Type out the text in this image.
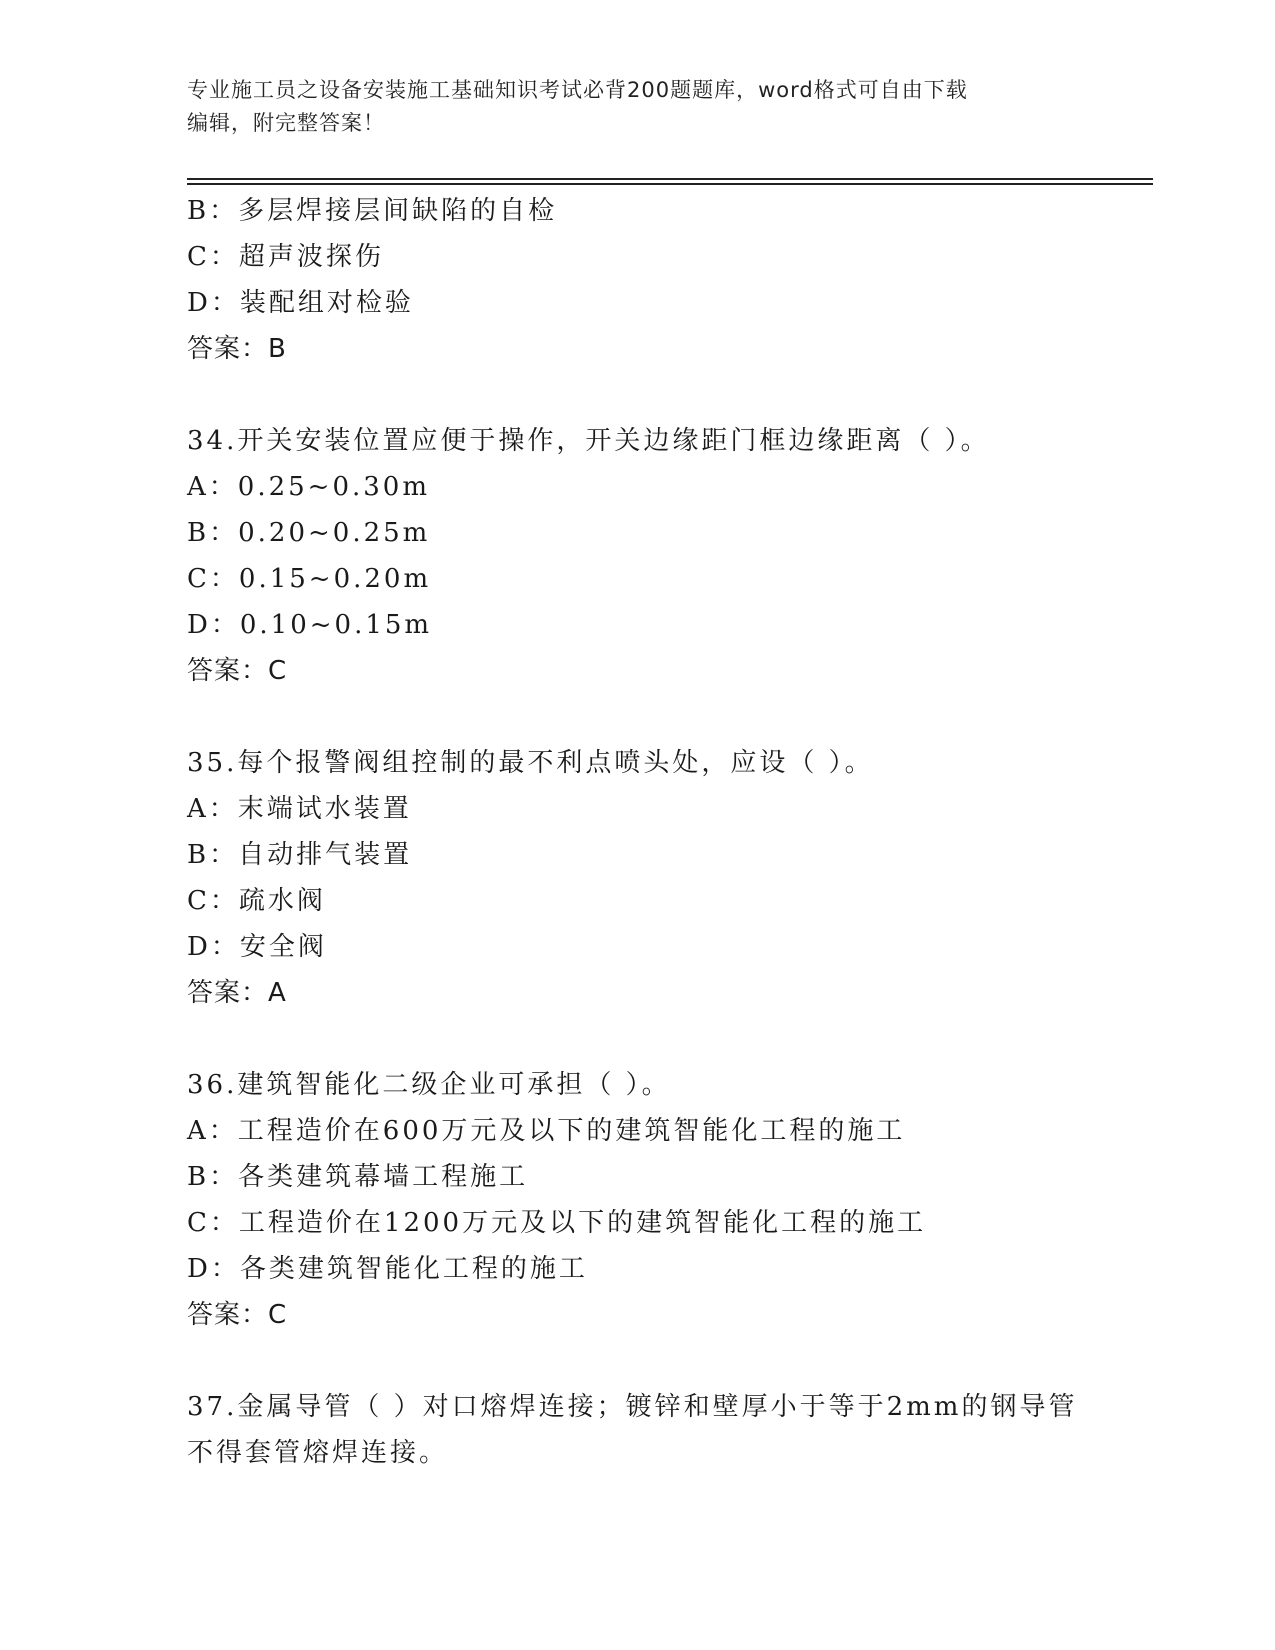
专业施工员之设备安装施工基础知识考试必背200题题库，word格式可自由下载
编辑，附完整答案！
B：多层焊接层间缺陷的自检
C：超声波探伤
D：装配组对检验
答案：B
34.开关安装位置应便于操作，开关边缘距门框边缘距离（ ）。
A：0.25~0.30m
B：0.20~0.25m
C：0.15~0.20m
D：0.10~0.15m
答案：C
35.每个报警阀组控制的最不利点喷头处，应设（ ）。
A：末端试水装置
B：自动排气装置
C：疏水阀
D：安全阀
答案：A
36.建筑智能化二级企业可承担（ ）。
A：工程造价在600万元及以下的建筑智能化工程的施工
B：各类建筑幕墙工程施工
C：工程造价在1200万元及以下的建筑智能化工程的施工
D：各类建筑智能化工程的施工
答案：C
37.金属导管（ ）对口熔焊连接；镀锌和壁厚小于等于2mm的钢导管
不得套管熔焊连接。
